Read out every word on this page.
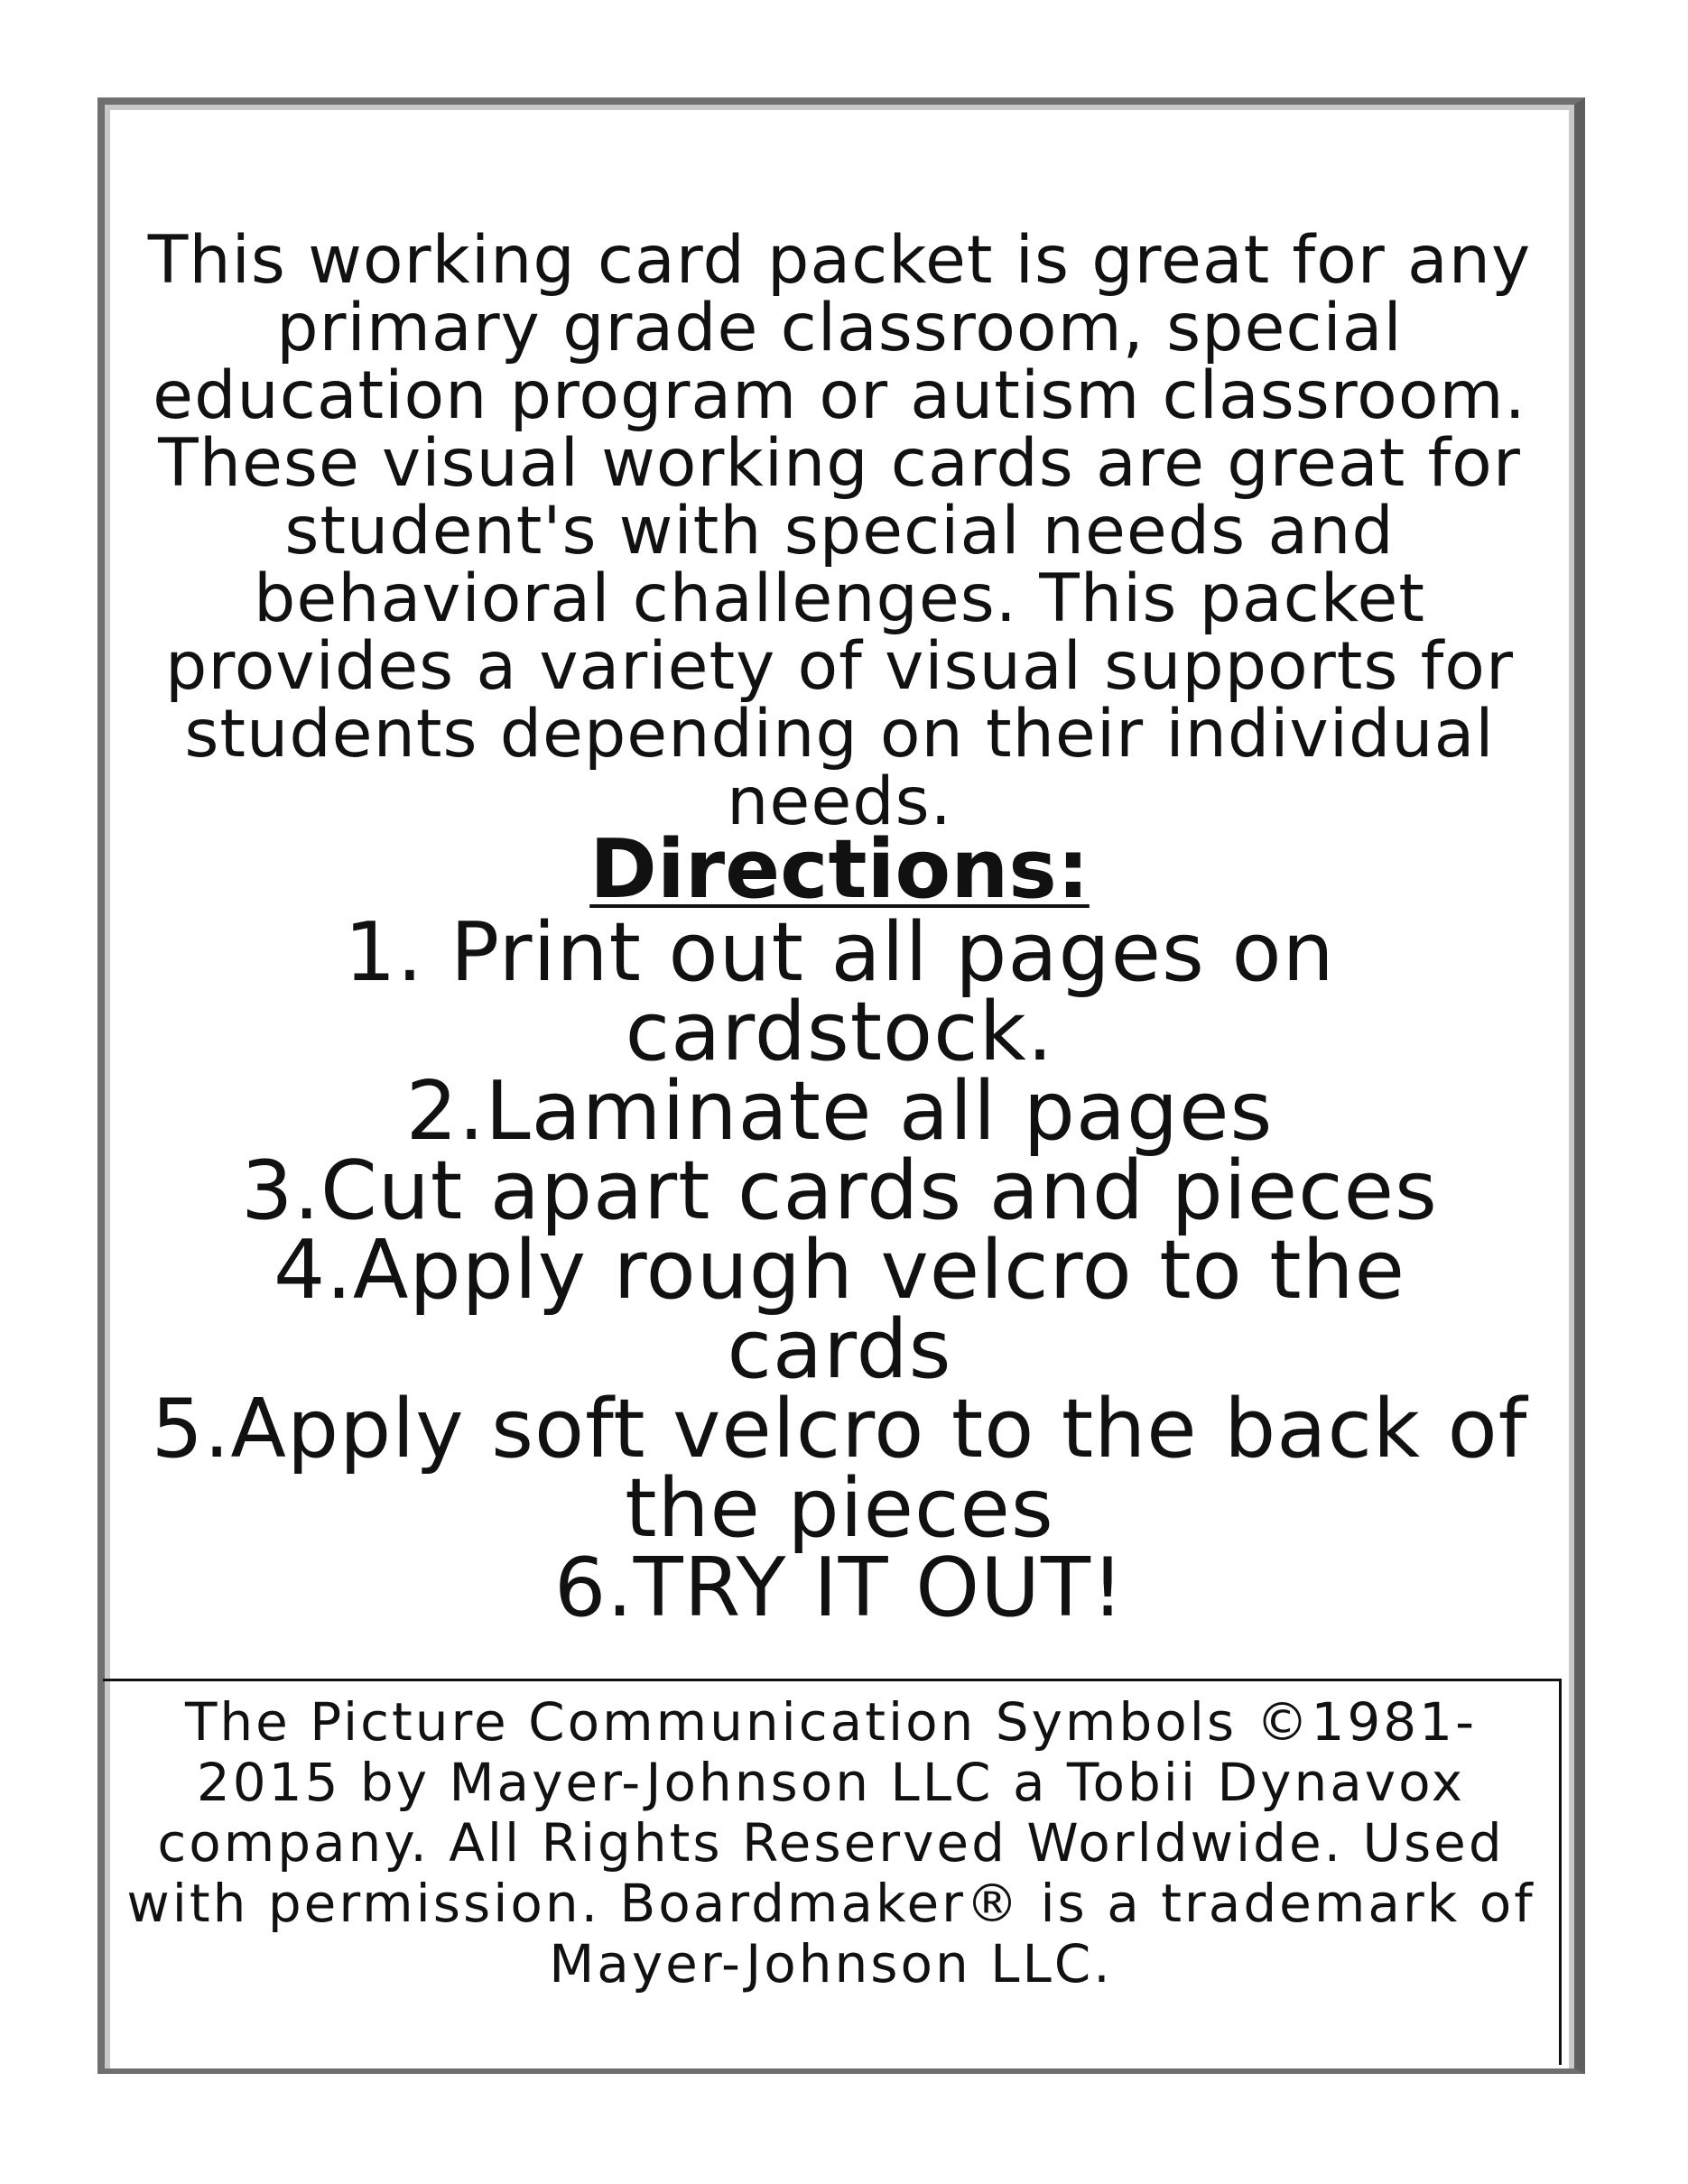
This working card packet is great for any primary grade classroom, special education program or autism classroom. These visual working cards are great for student's with special needs and behavioral challenges. This packet provides a variety of visual supports for students depending on their individual needs.

Directions:
1. Print out all pages on cardstock.
2.Laminate all pages
3.Cut apart cards and pieces
4.Apply rough velcro to the cards
5.Apply soft velcro to the back of the pieces
6.TRY IT OUT!

The Picture Communication Symbols ©1981-2015 by Mayer-Johnson LLC a Tobii Dynavox company. All Rights Reserved Worldwide. Used with permission. Boardmaker® is a trademark of Mayer-Johnson LLC.
